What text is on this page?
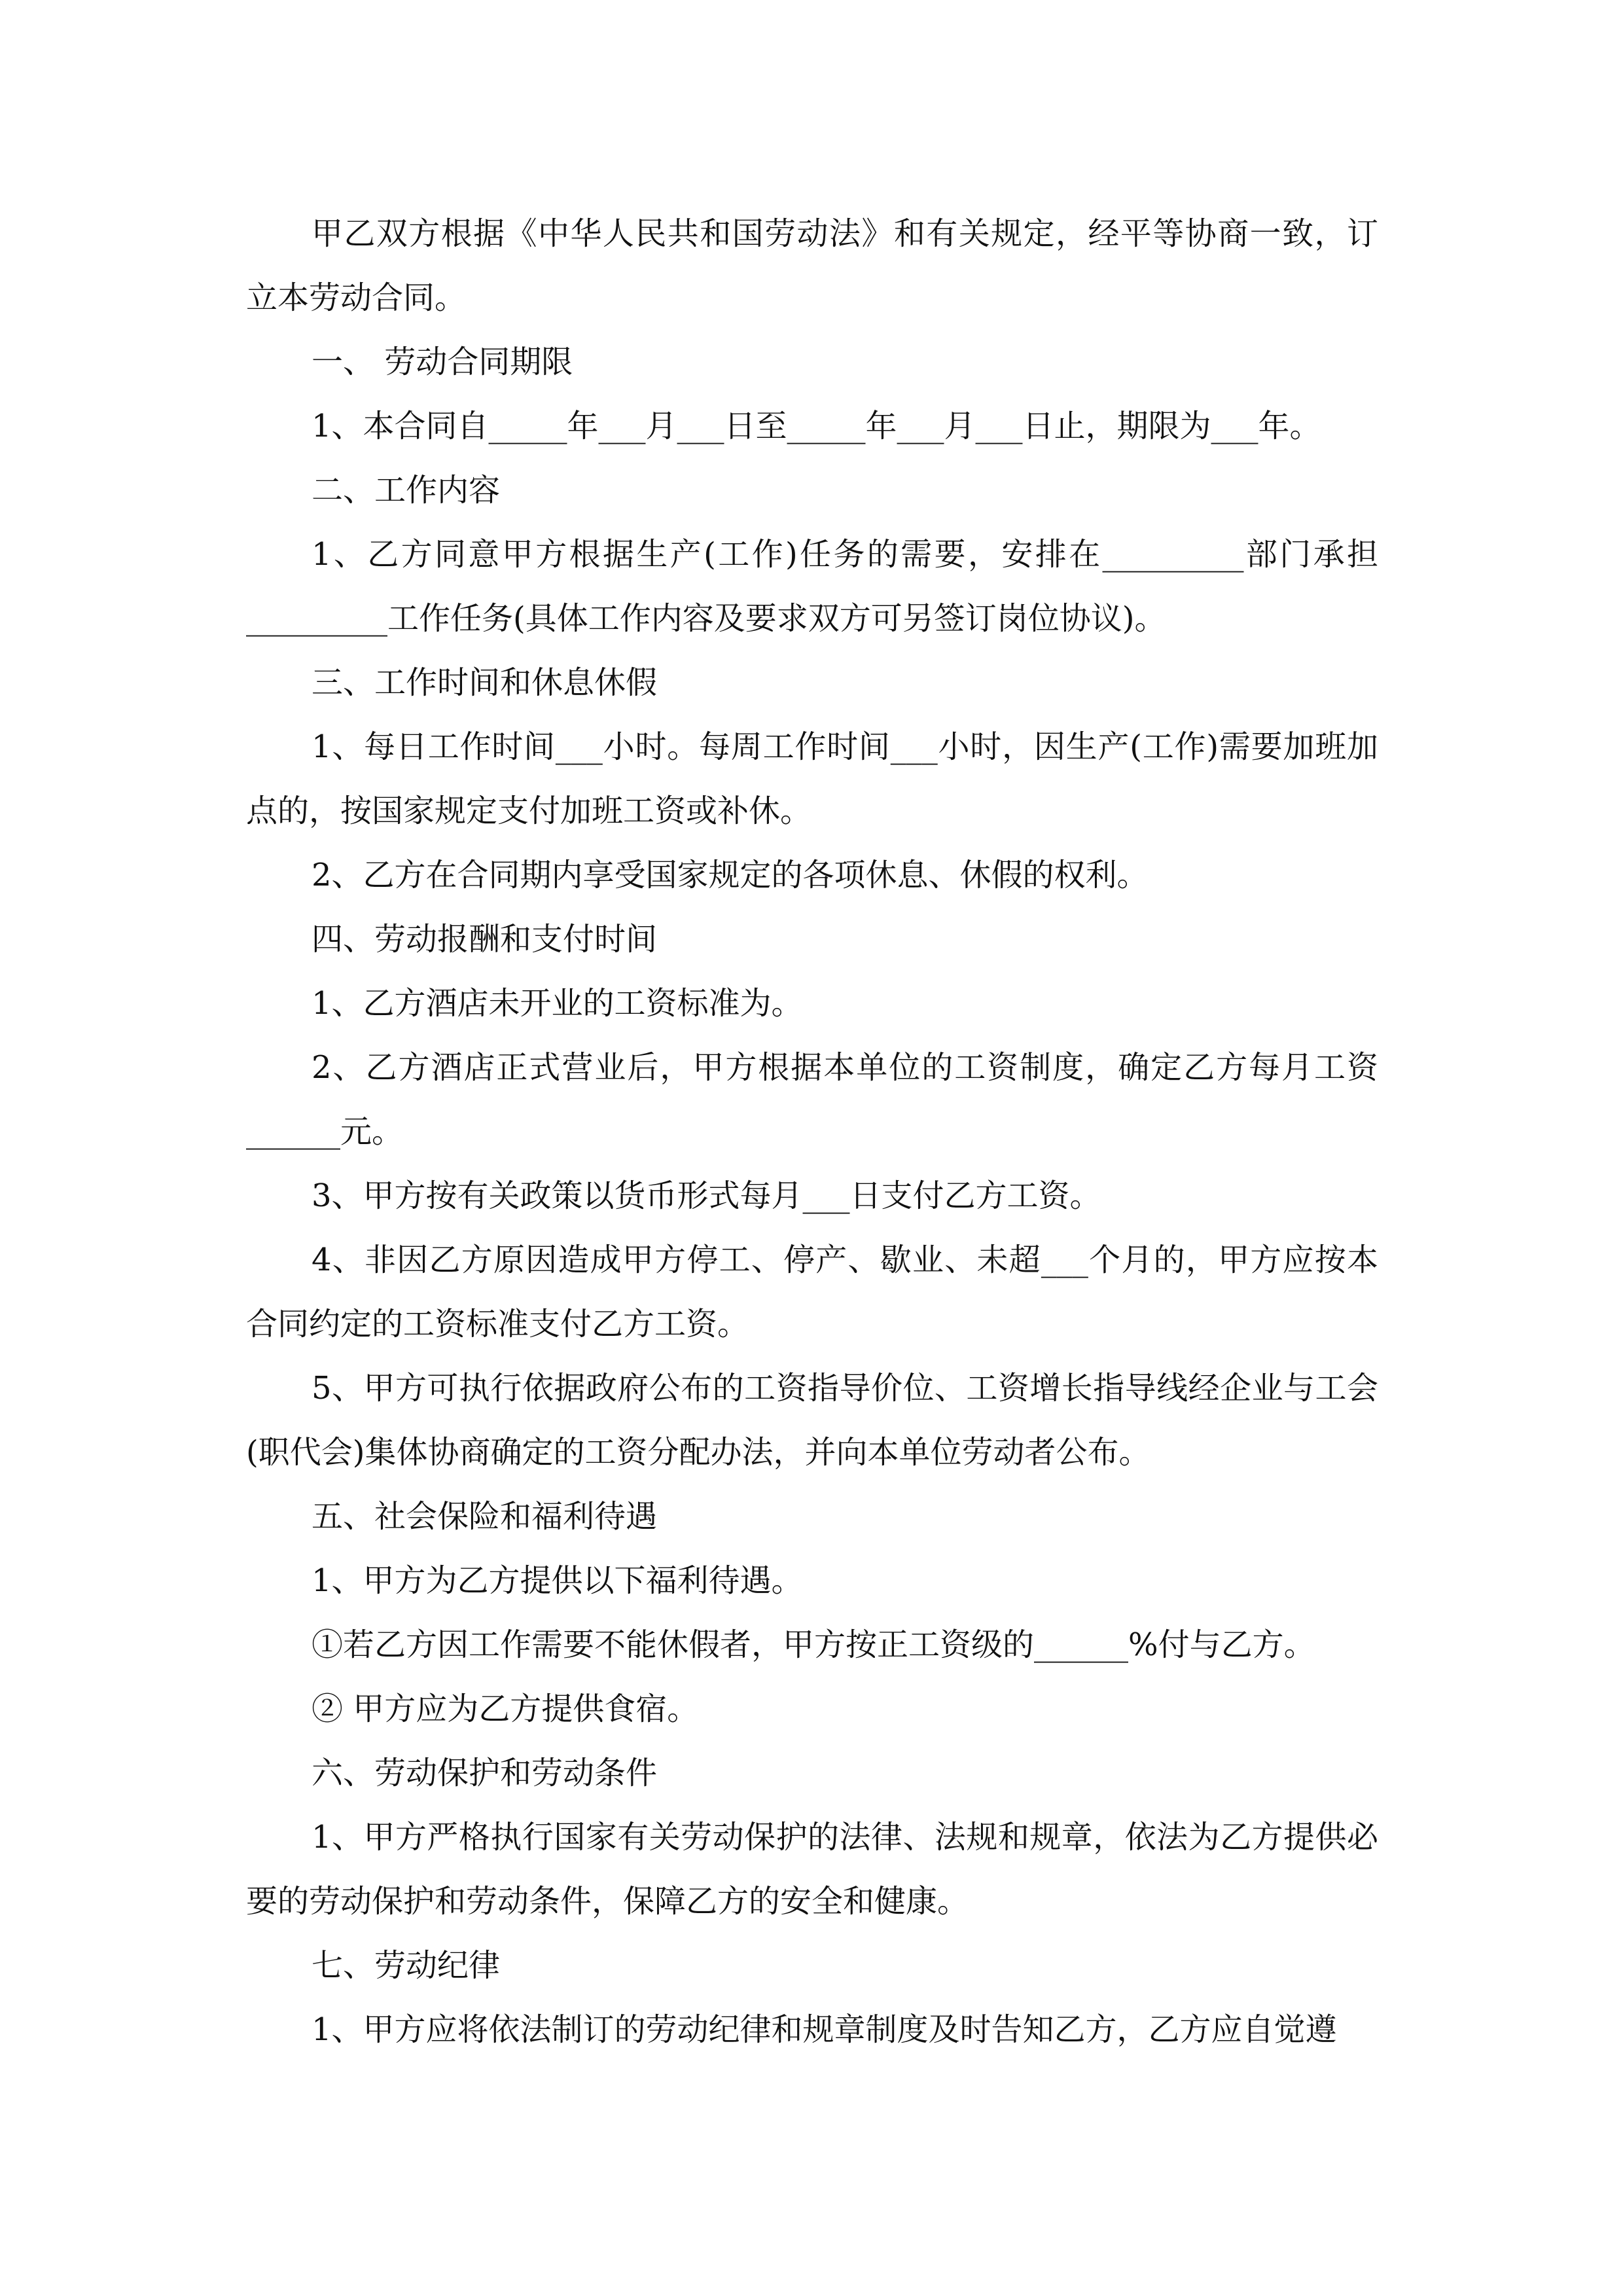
甲乙双方根据《中华人民共和国劳动法》和有关规定，经平等协商一致，订立本劳动合同。

一、 劳动合同期限

1、本合同自_____年___月___日至_____年___月___日止，期限为___年。

二、工作内容

1、乙方同意甲方根据生产(工作)任务的需要，安排在_________部门承担_________工作任务(具体工作内容及要求双方可另签订岗位协议)。

三、工作时间和休息休假

1、每日工作时间___小时。每周工作时间___小时，因生产(工作)需要加班加点的，按国家规定支付加班工资或补休。

2、乙方在合同期内享受国家规定的各项休息、休假的权利。

四、劳动报酬和支付时间

1、乙方酒店未开业的工资标准为。

2、乙方酒店正式营业后，甲方根据本单位的工资制度，确定乙方每月工资______元。

3、甲方按有关政策以货币形式每月___日支付乙方工资。

4、非因乙方原因造成甲方停工、停产、歇业、未超___个月的，甲方应按本合同约定的工资标准支付乙方工资。

5、甲方可执行依据政府公布的工资指导价位、工资增长指导线经企业与工会(职代会)集体协商确定的工资分配办法，并向本单位劳动者公布。

五、社会保险和福利待遇

1、甲方为乙方提供以下福利待遇。

①若乙方因工作需要不能休假者，甲方按正工资级的______%付与乙方。

② 甲方应为乙方提供食宿。

六、劳动保护和劳动条件

1、甲方严格执行国家有关劳动保护的法律、法规和规章，依法为乙方提供必要的劳动保护和劳动条件，保障乙方的安全和健康。

七、劳动纪律

1、甲方应将依法制订的劳动纪律和规章制度及时告知乙方，乙方应自觉遵
